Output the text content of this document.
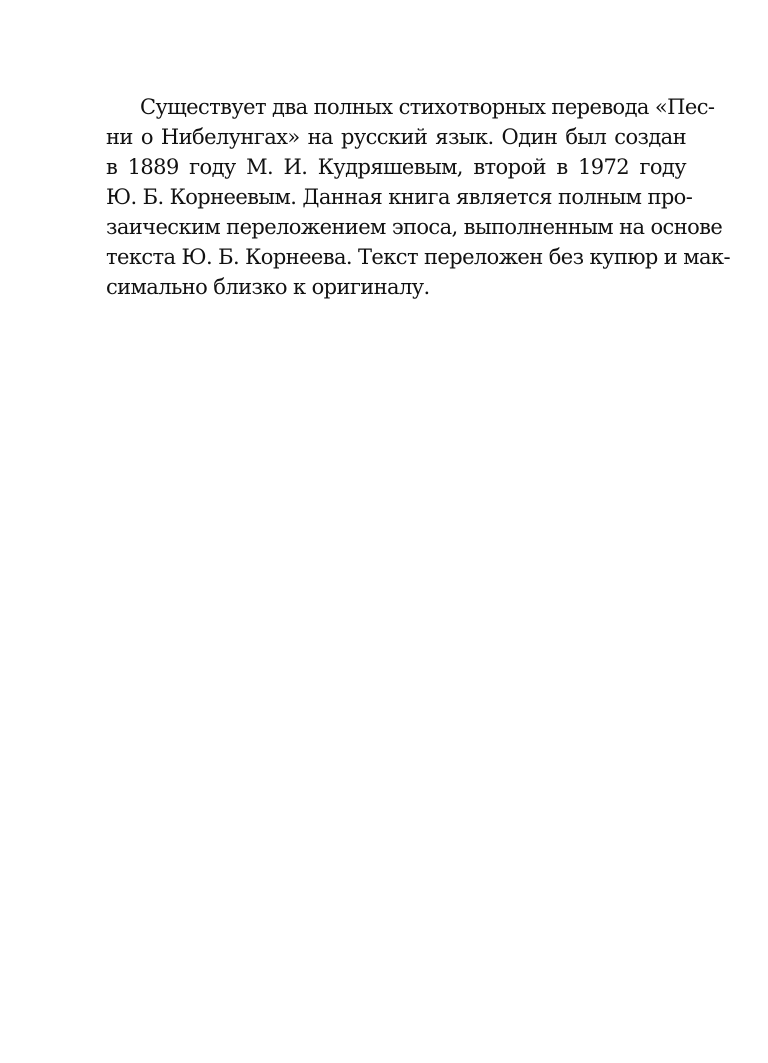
Существует два полных стихотворных перевода «Пес-
ни о Нибелунгах» на русский язык. Один был создан
в 1889 году М. И. Кудряшевым, второй в 1972 году
Ю. Б. Корнеевым. Данная книга является полным про-
заическим переложением эпоса, выполненным на основе
текста Ю. Б. Корнеева. Текст переложен без купюр и мак-
симально близко к оригиналу.
